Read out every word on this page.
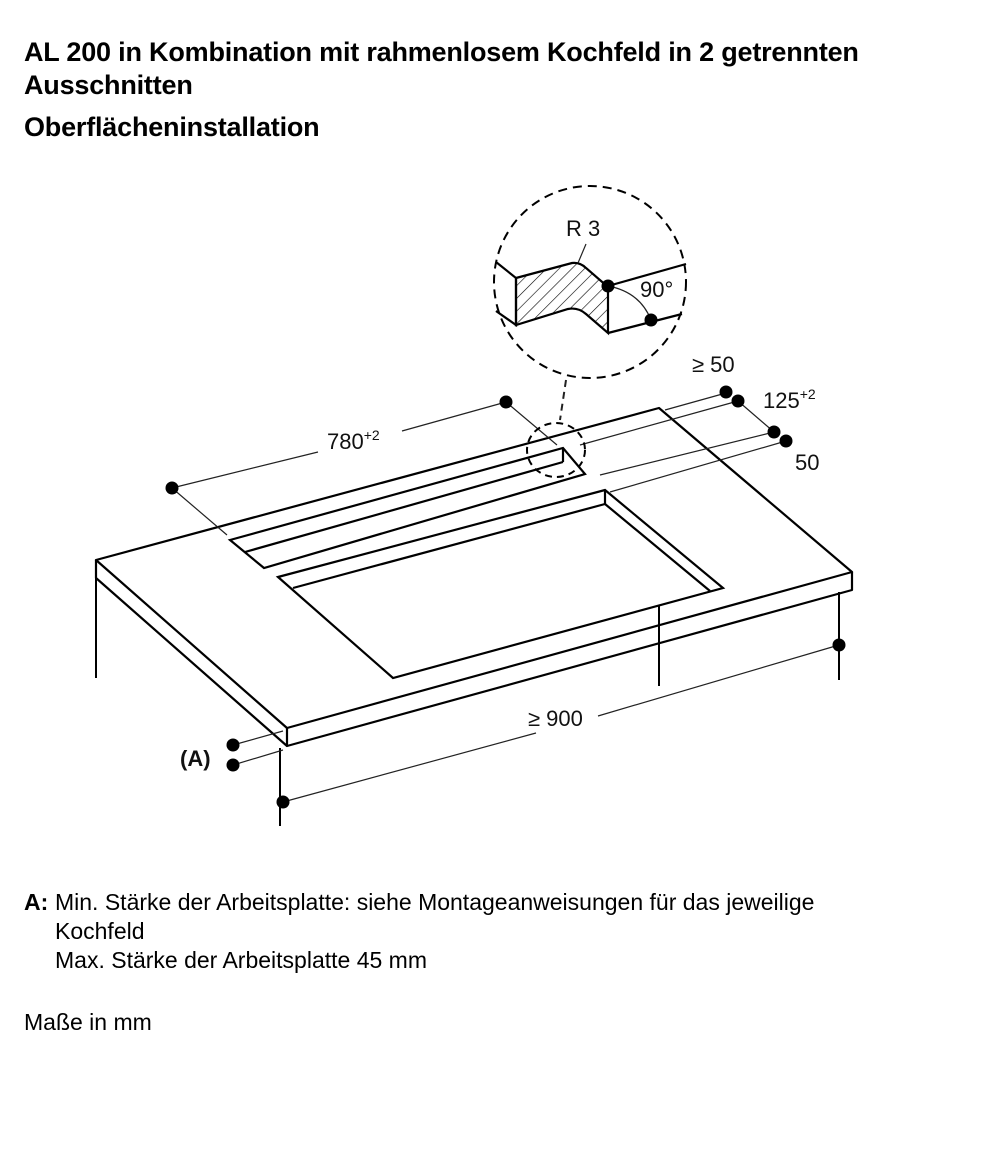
AL 200 in Kombination mit rahmenlosem Kochfeld in 2 getrennten Ausschnitten
Oberflächeninstallation
R 3
90°
$780^{+2}$
≥ 50
$125^{+2}$
50
≥ 900
(A)
A: Min. Stärke der Arbeitsplatte: siehe Montageanweisungen für das jeweilige
Kochfeld
Max. Stärke der Arbeitsplatte 45 mm
Maße in mm
